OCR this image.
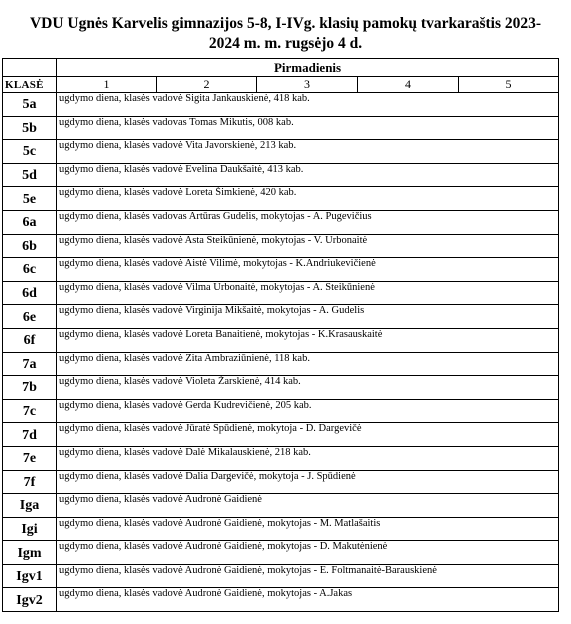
VDU Ugnės Karvelis gimnazijos 5-8, I-IVg. klasių pamokų tvarkaraštis 2023-
2024 m. m. rugsėjo 4 d.
	Pirmadienis				
KLASĖ	1	2	3	4	5
5a	ugdymo diena, klasės vadovė Sigita Jankauskienė, 418 kab.				
5b	ugdymo diena, klasės vadovas Tomas Mikutis, 008 kab.				
5c	ugdymo diena, klasės vadovė Vita Javorskienė, 213 kab.				
5d	ugdymo diena, klasės vadovė Evelina Daukšaitė, 413 kab.				
5e	ugdymo diena, klasės vadovė Loreta Šimkienė, 420 kab.				
6a	ugdymo diena, klasės vadovas Artūras Gudelis, mokytojas - A. Pugevičius				
6b	ugdymo diena, klasės vadovė Asta Steikūnienė, mokytojas - V. Urbonaitė				
6c	ugdymo diena, klasės vadovė Aistė Vilimė, mokytojas - K.Andriukevičienė				
6d	ugdymo diena, klasės vadovė Vilma Urbonaitė, mokytojas - A. Steikūnienė				
6e	ugdymo diena, klasės vadovė Virginija Mikšaitė, mokytojas - A. Gudelis				
6f	ugdymo diena, klasės vadovė Loreta Banaitienė, mokytojas - K.Krasauskaitė				
7a	ugdymo diena, klasės vadovė Zita Ambraziūnienė, 118 kab.				
7b	ugdymo diena, klasės vadovė Violeta Žarskienė, 414 kab.				
7c	ugdymo diena, klasės vadovė Gerda Kudrevičienė, 205 kab.				
7d	ugdymo diena, klasės vadovė Jūratė Spūdienė, mokytoja - D. Dargevičė				
7e	ugdymo diena, klasės vadovė Dalė Mikalauskienė, 218 kab.				
7f	ugdymo diena, klasės vadovė Dalia Dargevičė, mokytoja - J. Spūdienė				
Iga	ugdymo diena, klasės vadovė Audronė Gaidienė				
Igi	ugdymo diena, klasės vadovė Audronė Gaidienė, mokytojas - M. Matlašaitis				
Igm	ugdymo diena, klasės vadovė Audronė Gaidienė, mokytojas - D. Makutėnienė				
Igv1	ugdymo diena, klasės vadovė Audronė Gaidienė, mokytojas - E. Foltmanaitė-Barauskienė				
Igv2	ugdymo diena, klasės vadovė Audronė Gaidienė, mokytojas - A.Jakas				
